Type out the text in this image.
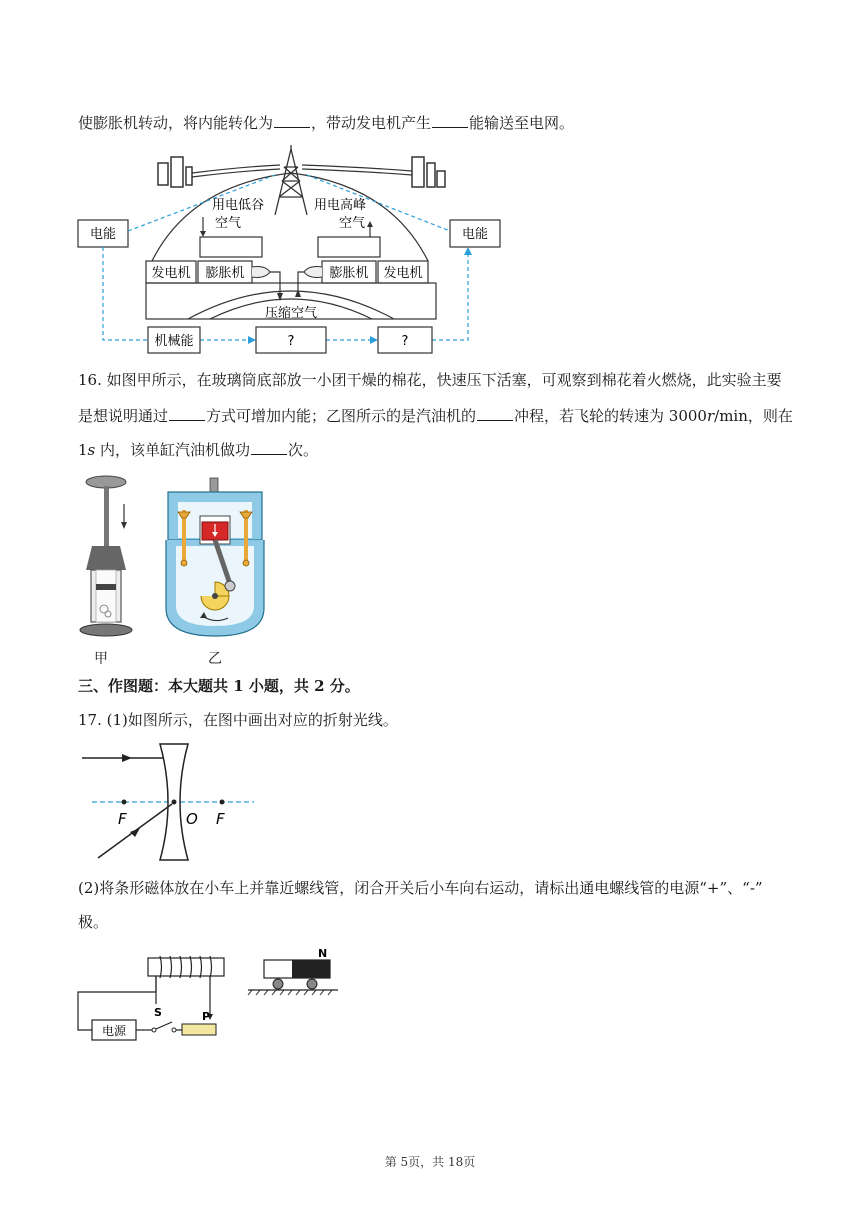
使膨胀机转动，将内能转化为	，带动发电机产生	能输送至电网。
电能	电能
用电低谷	用电高峰
空气	空气
发电机 膨胀机	膨胀机 发电机
压缩空气
机械能	?	?
16. 如图甲所示，在玻璃筒底部放一小团干燥的棉花，快速压下活塞，可观察到棉花着火燃烧，此实验主要
是想说明通过	方式可增加内能；乙图所示的是汽油机的	冲程，若飞轮的转速为 3000r/min，则在
1s 内，该单缸汽油机做功	次。
甲	乙
三、作图题：本大题共 1 小题，共 2 分。
17. (1)如图所示，在图中画出对应的折射光线。
F	O F
(2)将条形磁体放在小车上并靠近螺线管，闭合开关后小车向右运动，请标出通电螺线管的电源“+”、“-”
极。
电源
S	P
N
第 5页，共 18页
